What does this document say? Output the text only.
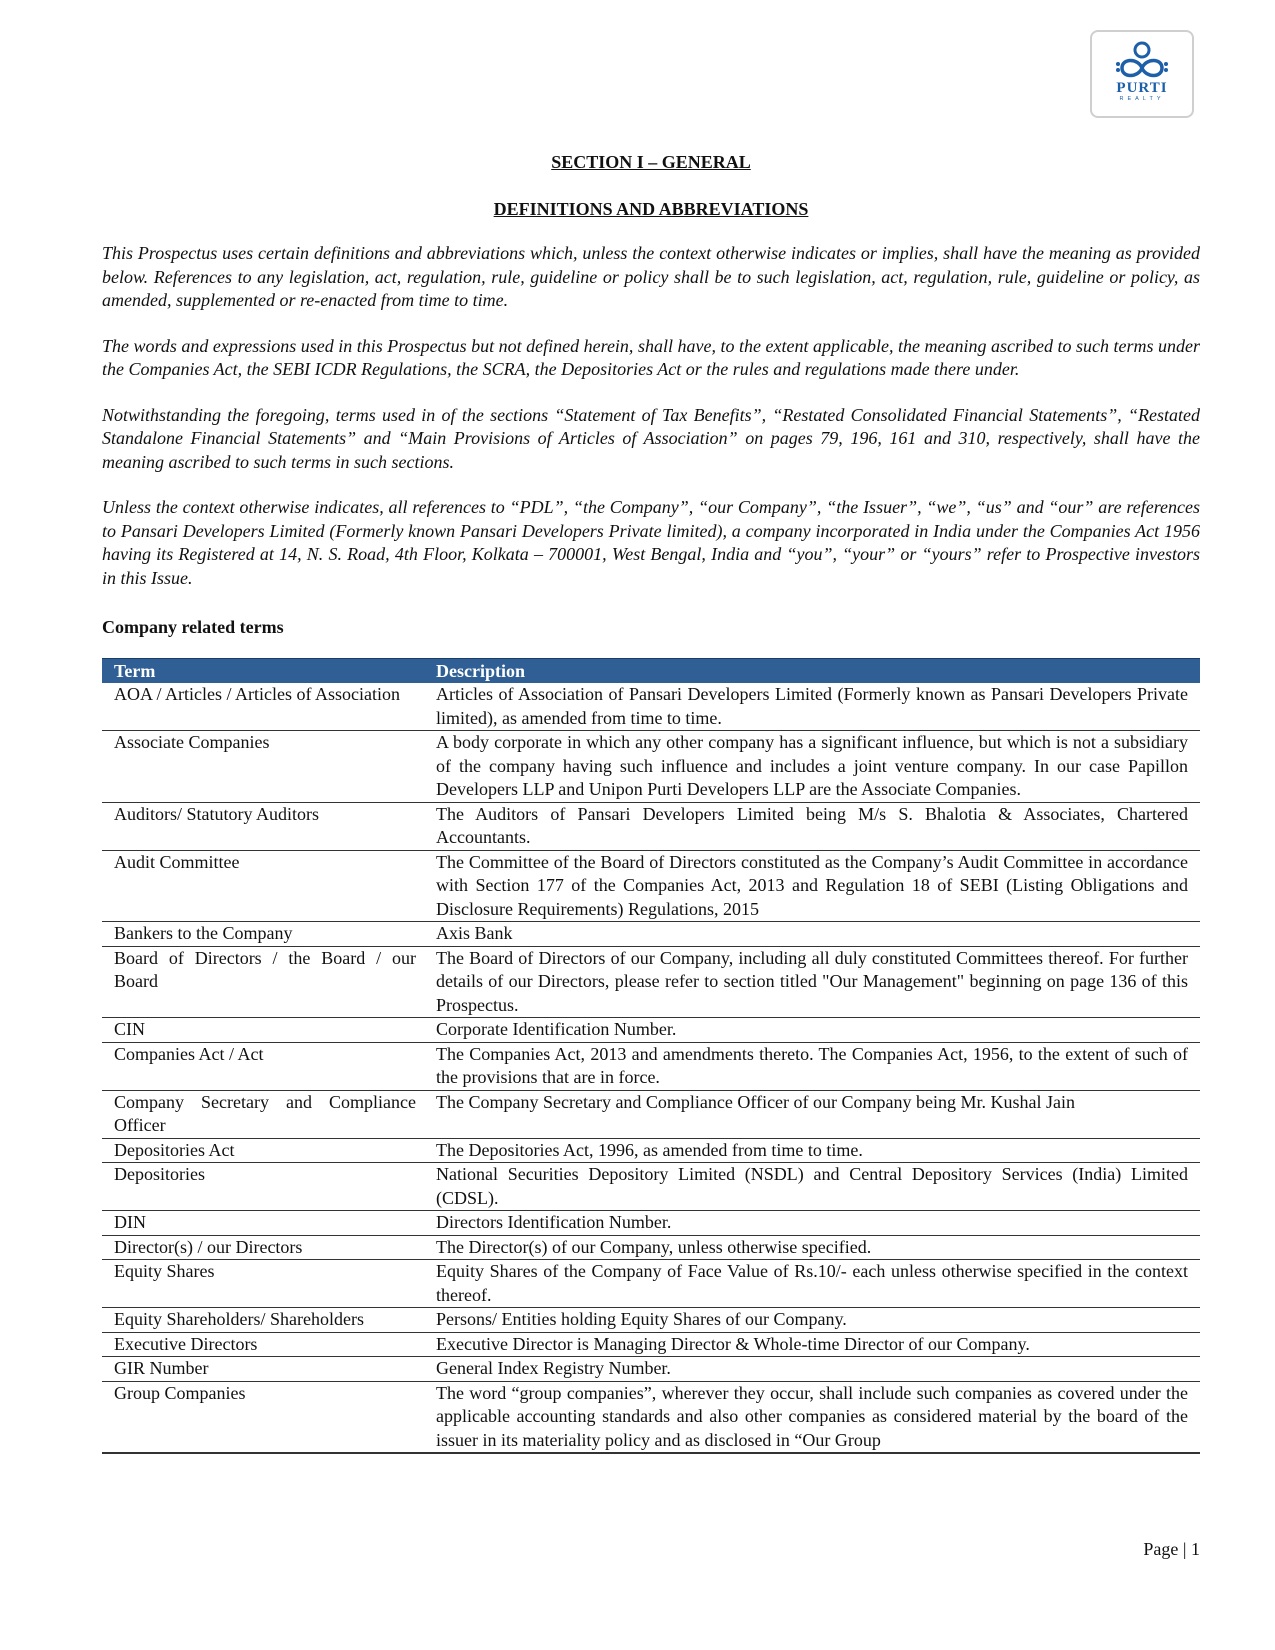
PURTI
REALTY

SECTION I – GENERAL

DEFINITIONS AND ABBREVIATIONS

This Prospectus uses certain definitions and abbreviations which, unless the context otherwise indicates or implies, shall have the meaning as provided below. References to any legislation, act, regulation, rule, guideline or policy shall be to such legislation, act, regulation, rule, guideline or policy, as amended, supplemented or re-enacted from time to time.

The words and expressions used in this Prospectus but not defined herein, shall have, to the extent applicable, the meaning ascribed to such terms under the Companies Act, the SEBI ICDR Regulations, the SCRA, the Depositories Act or the rules and regulations made there under.

Notwithstanding the foregoing, terms used in of the sections “Statement of Tax Benefits”, “Restated Consolidated Financial Statements”, “Restated Standalone Financial Statements” and “Main Provisions of Articles of Association” on pages 79, 196, 161 and 310, respectively, shall have the meaning ascribed to such terms in such sections.

Unless the context otherwise indicates, all references to “PDL”, “the Company”, “our Company”, “the Issuer”, “we”, “us” and “our” are references to Pansari Developers Limited (Formerly known Pansari Developers Private limited), a company incorporated in India under the Companies Act 1956 having its Registered at 14, N. S. Road, 4th Floor, Kolkata – 700001, West Bengal, India and “you”, “your” or “yours” refer to Prospective investors in this Issue.

Company related terms

Term	Description
AOA / Articles / Articles of Association	Articles of Association of Pansari Developers Limited (Formerly known as Pansari Developers Private limited), as amended from time to time.
Associate Companies	A body corporate in which any other company has a significant influence, but which is not a subsidiary of the company having such influence and includes a joint venture company. In our case Papillon Developers LLP and Unipon Purti Developers LLP are the Associate Companies.
Auditors/ Statutory Auditors	The Auditors of Pansari Developers Limited being M/s S. Bhalotia & Associates, Chartered Accountants.
Audit Committee	The Committee of the Board of Directors constituted as the Company’s Audit Committee in accordance with Section 177 of the Companies Act, 2013 and Regulation 18 of SEBI (Listing Obligations and Disclosure Requirements) Regulations, 2015
Bankers to the Company	Axis Bank
Board of Directors / the Board / our Board	The Board of Directors of our Company, including all duly constituted Committees thereof. For further details of our Directors, please refer to section titled "Our Management" beginning on page 136 of this Prospectus.
CIN	Corporate Identification Number.
Companies Act / Act	The Companies Act, 2013 and amendments thereto. The Companies Act, 1956, to the extent of such of the provisions that are in force.
Company Secretary and Compliance Officer	The Company Secretary and Compliance Officer of our Company being Mr. Kushal Jain
Depositories Act	The Depositories Act, 1996, as amended from time to time.
Depositories	National Securities Depository Limited (NSDL) and Central Depository Services (India) Limited (CDSL).
DIN	Directors Identification Number.
Director(s) / our Directors	The Director(s) of our Company, unless otherwise specified.
Equity Shares	Equity Shares of the Company of Face Value of Rs.10/- each unless otherwise specified in the context thereof.
Equity Shareholders/ Shareholders	Persons/ Entities holding Equity Shares of our Company.
Executive Directors	Executive Director is Managing Director & Whole-time Director of our Company.
GIR Number	General Index Registry Number.
Group Companies	The word “group companies”, wherever they occur, shall include such companies as covered under the applicable accounting standards and also other companies as considered material by the board of the issuer in its materiality policy and as disclosed in “Our Group
Page | 1
